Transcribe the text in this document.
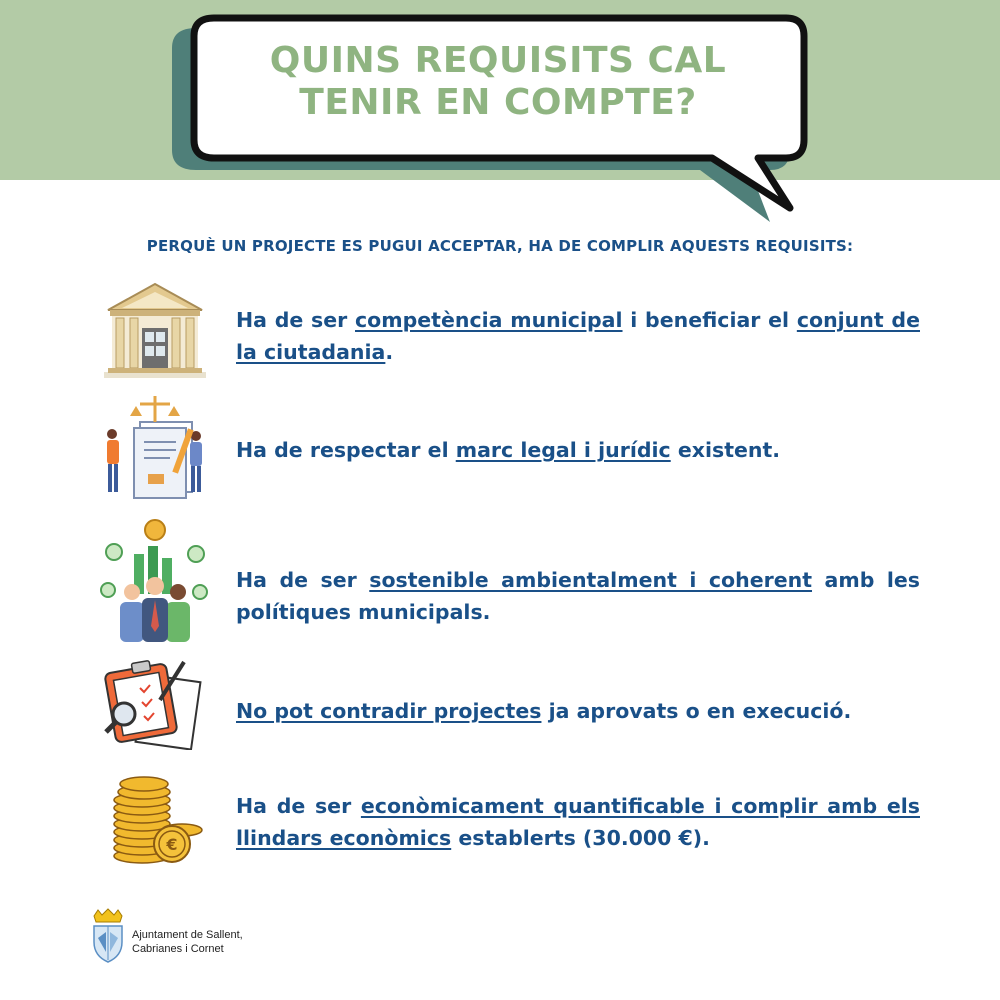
QUINS REQUISITS CAL
TENIR EN COMPTE?
PERQUÈ UN PROJECTE ES PUGUI ACCEPTAR, HA DE COMPLIR AQUESTS REQUISITS:
Ha de ser competència municipal i beneficiar el conjunt de la ciutadania.
Ha de respectar el marc legal i jurídic existent.
Ha de ser sostenible ambientalment i coherent amb les polítiques municipals.
No pot contradir projectes ja aprovats o en execució.
€
Ha de ser econòmicament quantificable i complir amb els llindars econòmics establerts (30.000 €).
Ajuntament de Sallent,
Cabrianes i Cornet
